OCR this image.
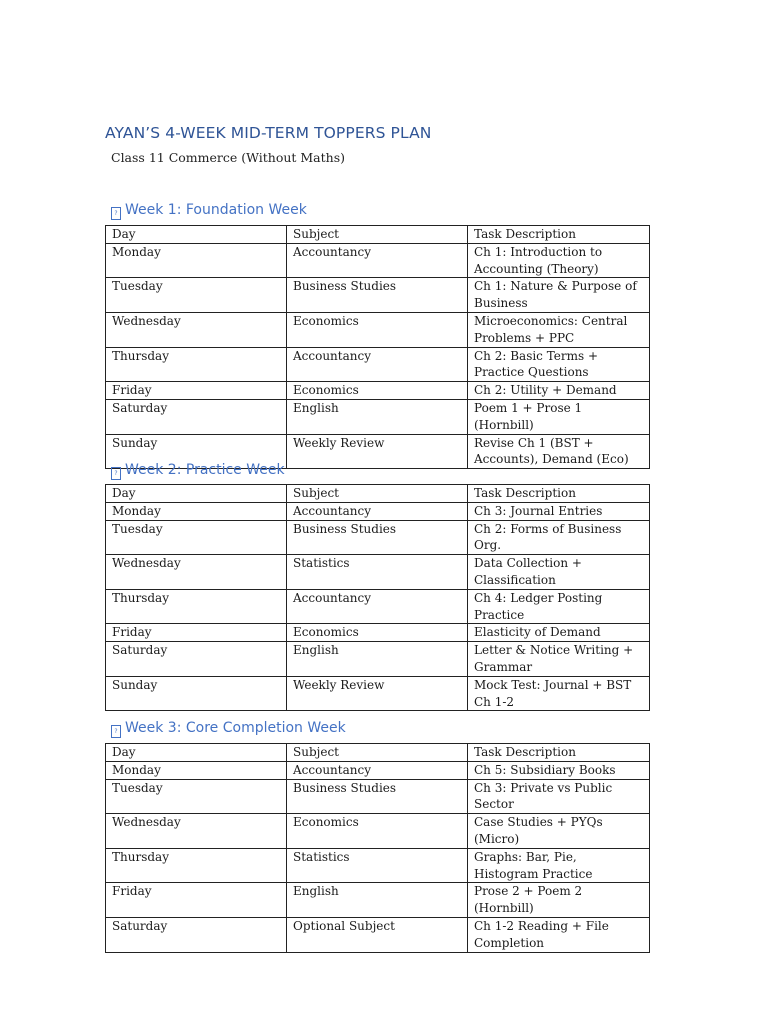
AYAN’S 4-WEEK MID-TERM TOPPERS PLAN
Class 11 Commerce (Without Maths)
? Week 1: Foundation Week
Day	Subject	Task Description
Monday	Accountancy	Ch 1: Introduction to Accounting (Theory)
Tuesday	Business Studies	Ch 1: Nature & Purpose of Business
Wednesday	Economics	Microeconomics: Central Problems + PPC
Thursday	Accountancy	Ch 2: Basic Terms + Practice Questions
Friday	Economics	Ch 2: Utility + Demand
Saturday	English	Poem 1 + Prose 1 (Hornbill)
Sunday	Weekly Review	Revise Ch 1 (BST + Accounts), Demand (Eco)
? Week 2: Practice Week
Day	Subject	Task Description
Monday	Accountancy	Ch 3: Journal Entries
Tuesday	Business Studies	Ch 2: Forms of Business Org.
Wednesday	Statistics	Data Collection + Classification
Thursday	Accountancy	Ch 4: Ledger Posting Practice
Friday	Economics	Elasticity of Demand
Saturday	English	Letter & Notice Writing + Grammar
Sunday	Weekly Review	Mock Test: Journal + BST Ch 1-2
? Week 3: Core Completion Week
Day	Subject	Task Description
Monday	Accountancy	Ch 5: Subsidiary Books
Tuesday	Business Studies	Ch 3: Private vs Public Sector
Wednesday	Economics	Case Studies + PYQs (Micro)
Thursday	Statistics	Graphs: Bar, Pie, Histogram Practice
Friday	English	Prose 2 + Poem 2 (Hornbill)
Saturday	Optional Subject	Ch 1-2 Reading + File Completion
